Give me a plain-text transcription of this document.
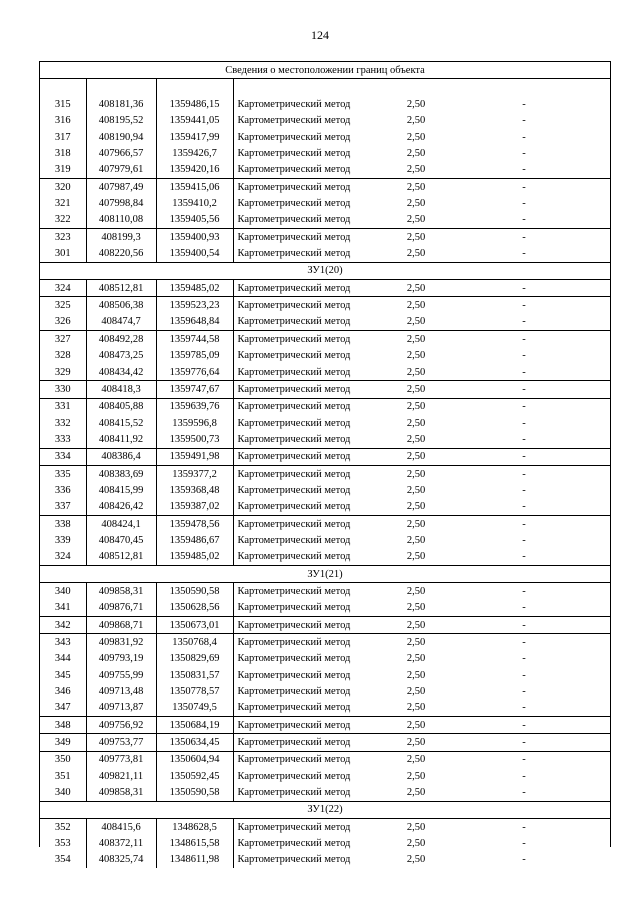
124
Сведения о местоположении границ объекта					

315	408181,36	1359486,15	Картометрический метод	2,50	-
316	408195,52	1359441,05	Картометрический метод	2,50	-
317	408190,94	1359417,99	Картометрический метод	2,50	-
318	407966,57	1359426,7	Картометрический метод	2,50	-
319	407979,61	1359420,16	Картометрический метод	2,50	-
320	407987,49	1359415,06	Картометрический метод	2,50	-
321	407998,84	1359410,2	Картометрический метод	2,50	-
322	408110,08	1359405,56	Картометрический метод	2,50	-
323	408199,3	1359400,93	Картометрический метод	2,50	-
301	408220,56	1359400,54	Картометрический метод	2,50	-
ЗУ1(20)					
324	408512,81	1359485,02	Картометрический метод	2,50	-
325	408506,38	1359523,23	Картометрический метод	2,50	-
326	408474,7	1359648,84	Картометрический метод	2,50	-
327	408492,28	1359744,58	Картометрический метод	2,50	-
328	408473,25	1359785,09	Картометрический метод	2,50	-
329	408434,42	1359776,64	Картометрический метод	2,50	-
330	408418,3	1359747,67	Картометрический метод	2,50	-
331	408405,88	1359639,76	Картометрический метод	2,50	-
332	408415,52	1359596,8	Картометрический метод	2,50	-
333	408411,92	1359500,73	Картометрический метод	2,50	-
334	408386,4	1359491,98	Картометрический метод	2,50	-
335	408383,69	1359377,2	Картометрический метод	2,50	-
336	408415,99	1359368,48	Картометрический метод	2,50	-
337	408426,42	1359387,02	Картометрический метод	2,50	-
338	408424,1	1359478,56	Картометрический метод	2,50	-
339	408470,45	1359486,67	Картометрический метод	2,50	-
324	408512,81	1359485,02	Картометрический метод	2,50	-
ЗУ1(21)					
340	409858,31	1350590,58	Картометрический метод	2,50	-
341	409876,71	1350628,56	Картометрический метод	2,50	-
342	409868,71	1350673,01	Картометрический метод	2,50	-
343	409831,92	1350768,4	Картометрический метод	2,50	-
344	409793,19	1350829,69	Картометрический метод	2,50	-
345	409755,99	1350831,57	Картометрический метод	2,50	-
346	409713,48	1350778,57	Картометрический метод	2,50	-
347	409713,87	1350749,5	Картометрический метод	2,50	-
348	409756,92	1350684,19	Картометрический метод	2,50	-
349	409753,77	1350634,45	Картометрический метод	2,50	-
350	409773,81	1350604,94	Картометрический метод	2,50	-
351	409821,11	1350592,45	Картометрический метод	2,50	-
340	409858,31	1350590,58	Картометрический метод	2,50	-
ЗУ1(22)					
352	408415,6	1348628,5	Картометрический метод	2,50	-
353	408372,11	1348615,58	Картометрический метод	2,50	-
354	408325,74	1348611,98	Картометрический метод	2,50	-
